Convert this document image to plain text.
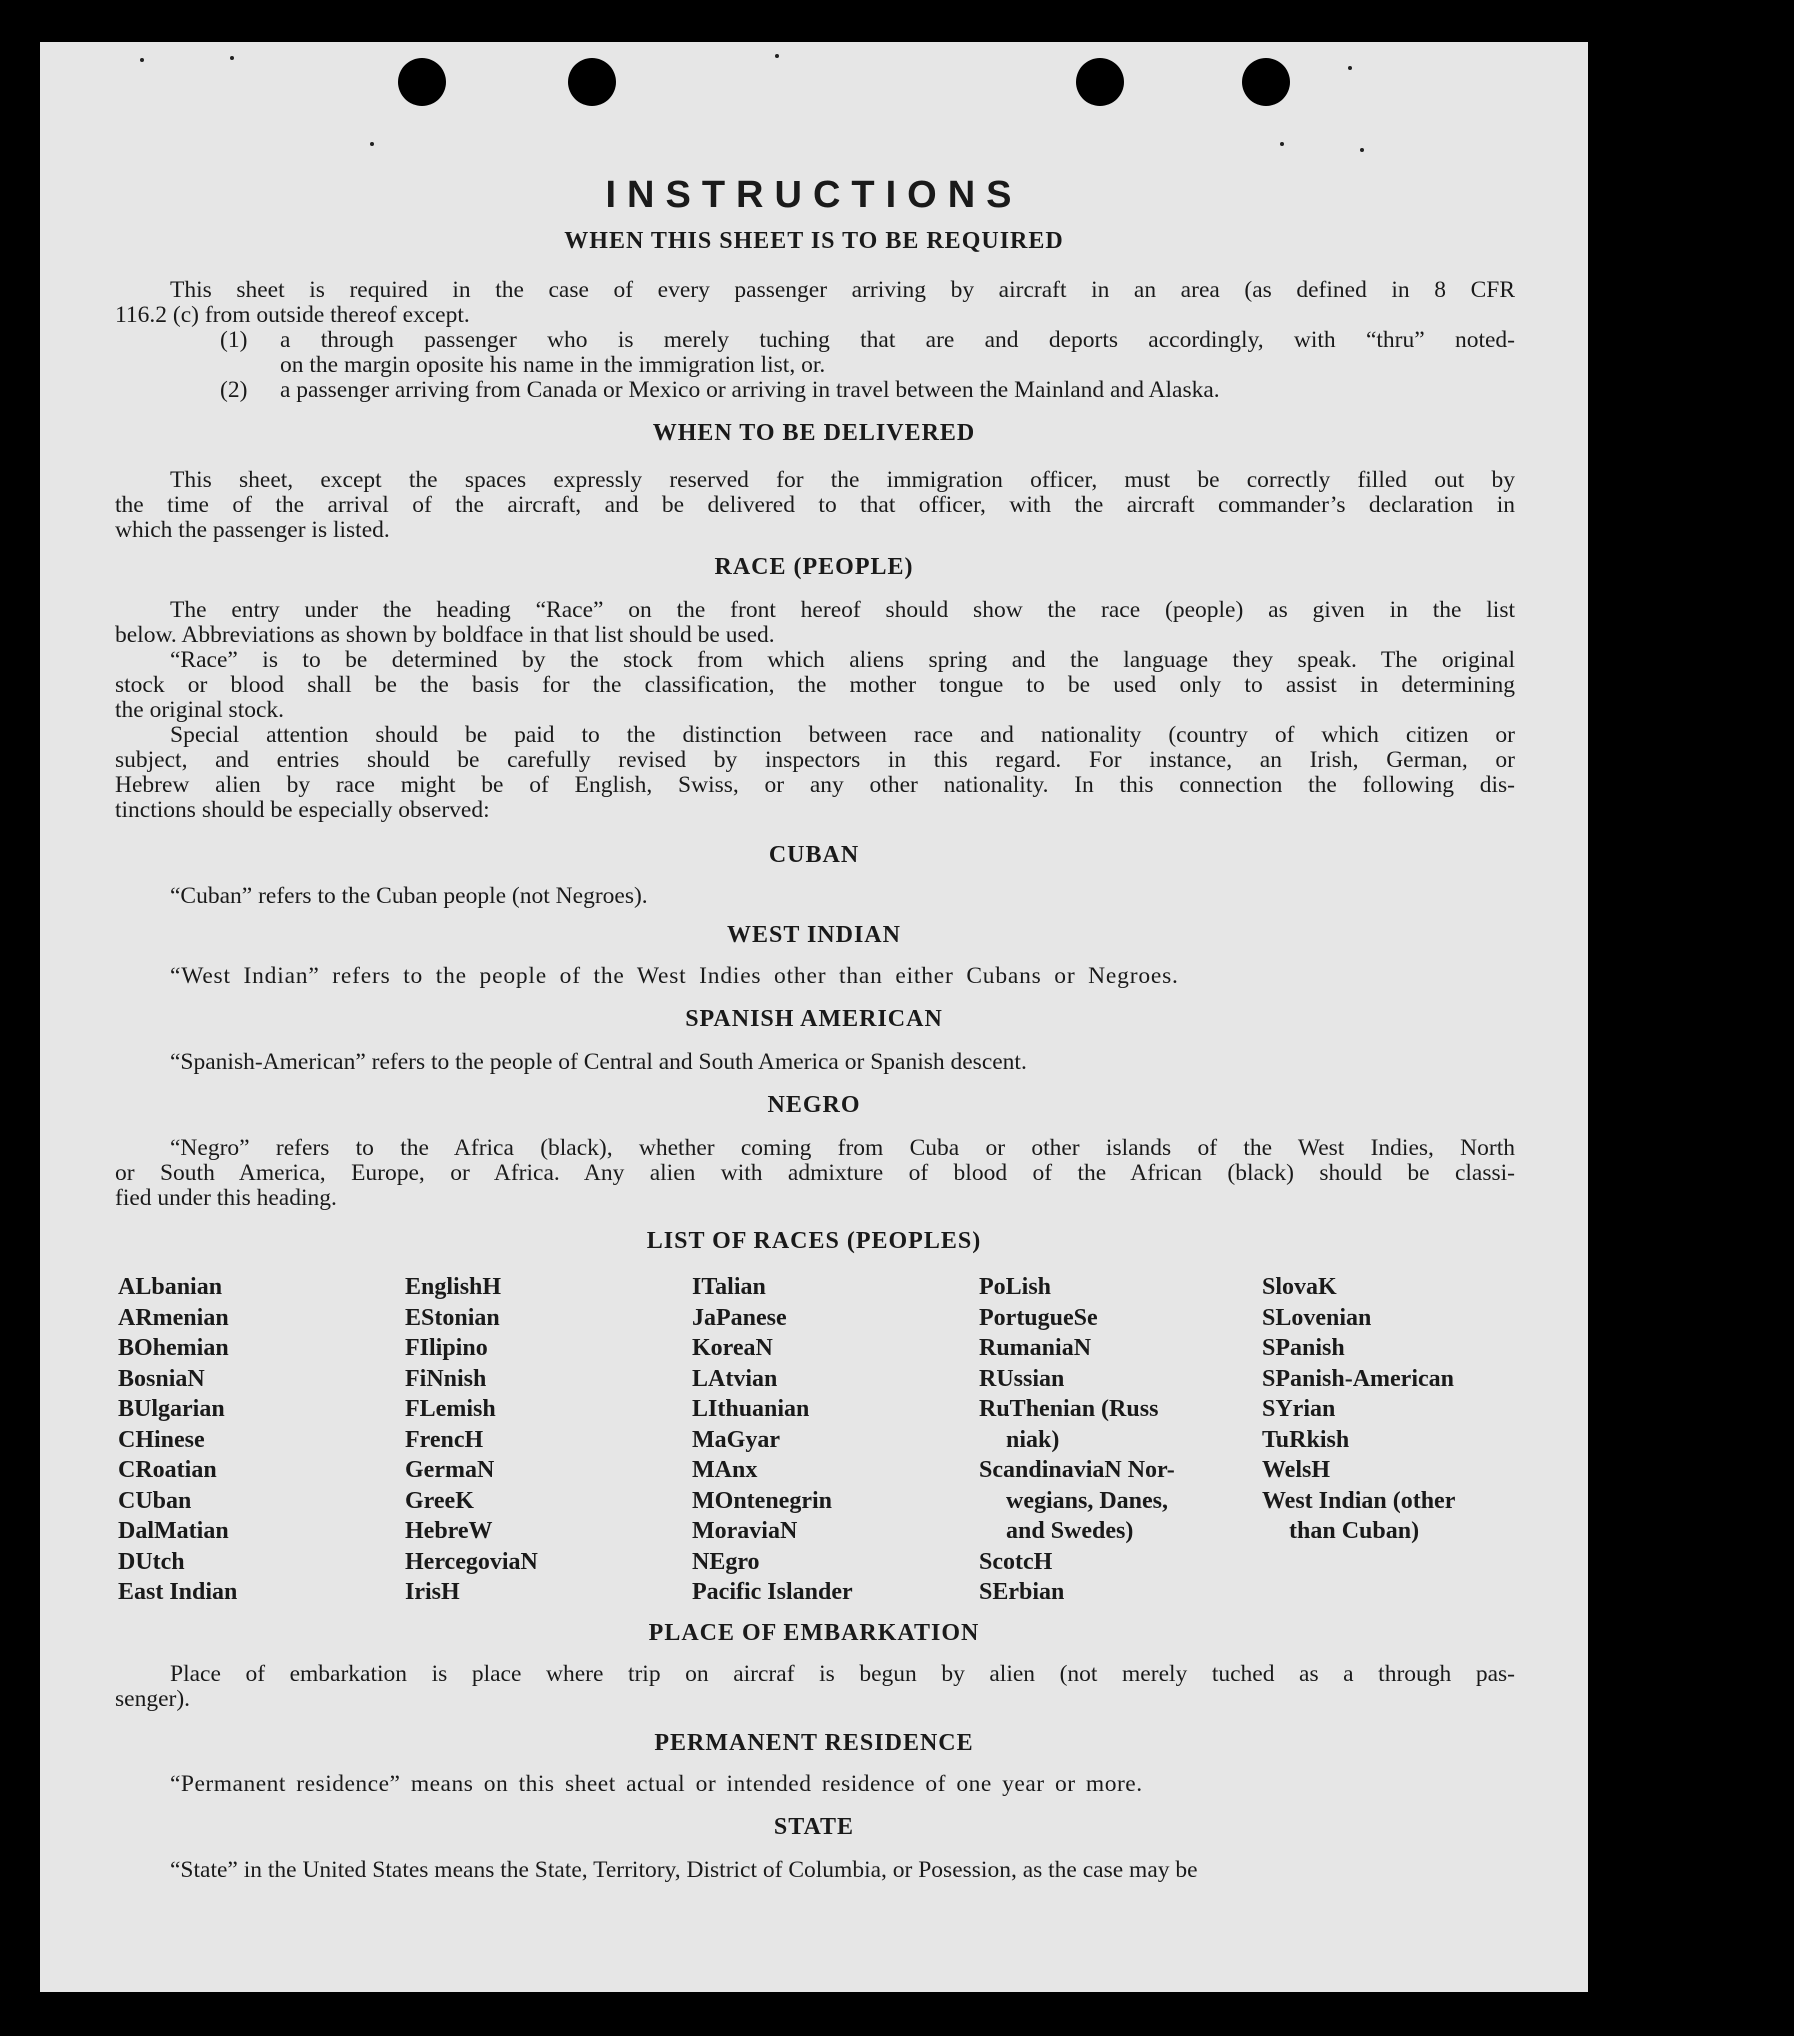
INSTRUCTIONS
WHEN THIS SHEET IS TO BE REQUIRED
This sheet is required in the case of every passenger arriving by aircraft in an area (as defined in 8 CFR
116.2 (c) from outside thereof except.
(1) a through passenger who is merely tuching that are and deports accordingly, with “thru” noted-
on the margin oposite his name in the immigration list, or.
(2) a passenger arriving from Canada or Mexico or arriving in travel between the Mainland and Alaska.
WHEN TO BE DELIVERED
This sheet, except the spaces expressly reserved for the immigration officer, must be correctly filled out by
the time of the arrival of the aircraft, and be delivered to that officer, with the aircraft commander’s declaration in
which the passenger is listed.
RACE (PEOPLE)
The entry under the heading “Race” on the front hereof should show the race (people) as given in the list
below. Abbreviations as shown by boldface in that list should be used.
“Race” is to be determined by the stock from which aliens spring and the language they speak. The original
stock or blood shall be the basis for the classification, the mother tongue to be used only to assist in determining
the original stock.
Special attention should be paid to the distinction between race and nationality (country of which citizen or
subject, and entries should be carefully revised by inspectors in this regard. For instance, an Irish, German, or
Hebrew alien by race might be of English, Swiss, or any other nationality. In this connection the following dis-
tinctions should be especially observed:
CUBAN
“Cuban” refers to the Cuban people (not Negroes).
WEST INDIAN
“West Indian” refers to the people of the West Indies other than either Cubans or Negroes.
SPANISH AMERICAN
“Spanish-American” refers to the people of Central and South America or Spanish descent.
NEGRO
“Negro” refers to the Africa (black), whether coming from Cuba or other islands of the West Indies, North
or South America, Europe, or Africa. Any alien with admixture of blood of the African (black) should be classi-
fied under this heading.
LIST OF RACES (PEOPLES)
ALbanian
ARmenian
BOhemian
BosniaN
BUlgarian
CHinese
CRoatian
CUban
DalMatian
DUtch
East Indian
EnglishH
EStonian
FIlipino
FiNnish
FLemish
FrencH
GermaN
GreeK
HebreW
HercegoviaN
IrisH
ITalian
JaPanese
KoreaN
LAtvian
LIthuanian
MaGyar
MAnx
MOntenegrin
MoraviaN
NEgro
Pacific Islander
PoLish
PortugueSe
RumaniaN
RUssian
RuThenian (Russ
niak)
ScandinaviaN Nor-
wegians, Danes,
and Swedes)
ScotcH
SErbian
SlovaK
SLovenian
SPanish
SPanish-American
SYrian
TuRkish
WelsH
West Indian (other
than Cuban)
PLACE OF EMBARKATION
Place of embarkation is place where trip on aircraf is begun by alien (not merely tuched as a through pas-
senger).
PERMANENT RESIDENCE
“Permanent residence” means on this sheet actual or intended residence of one year or more.
STATE
“State” in the United States means the State, Territory, District of Columbia, or Posession, as the case may be
